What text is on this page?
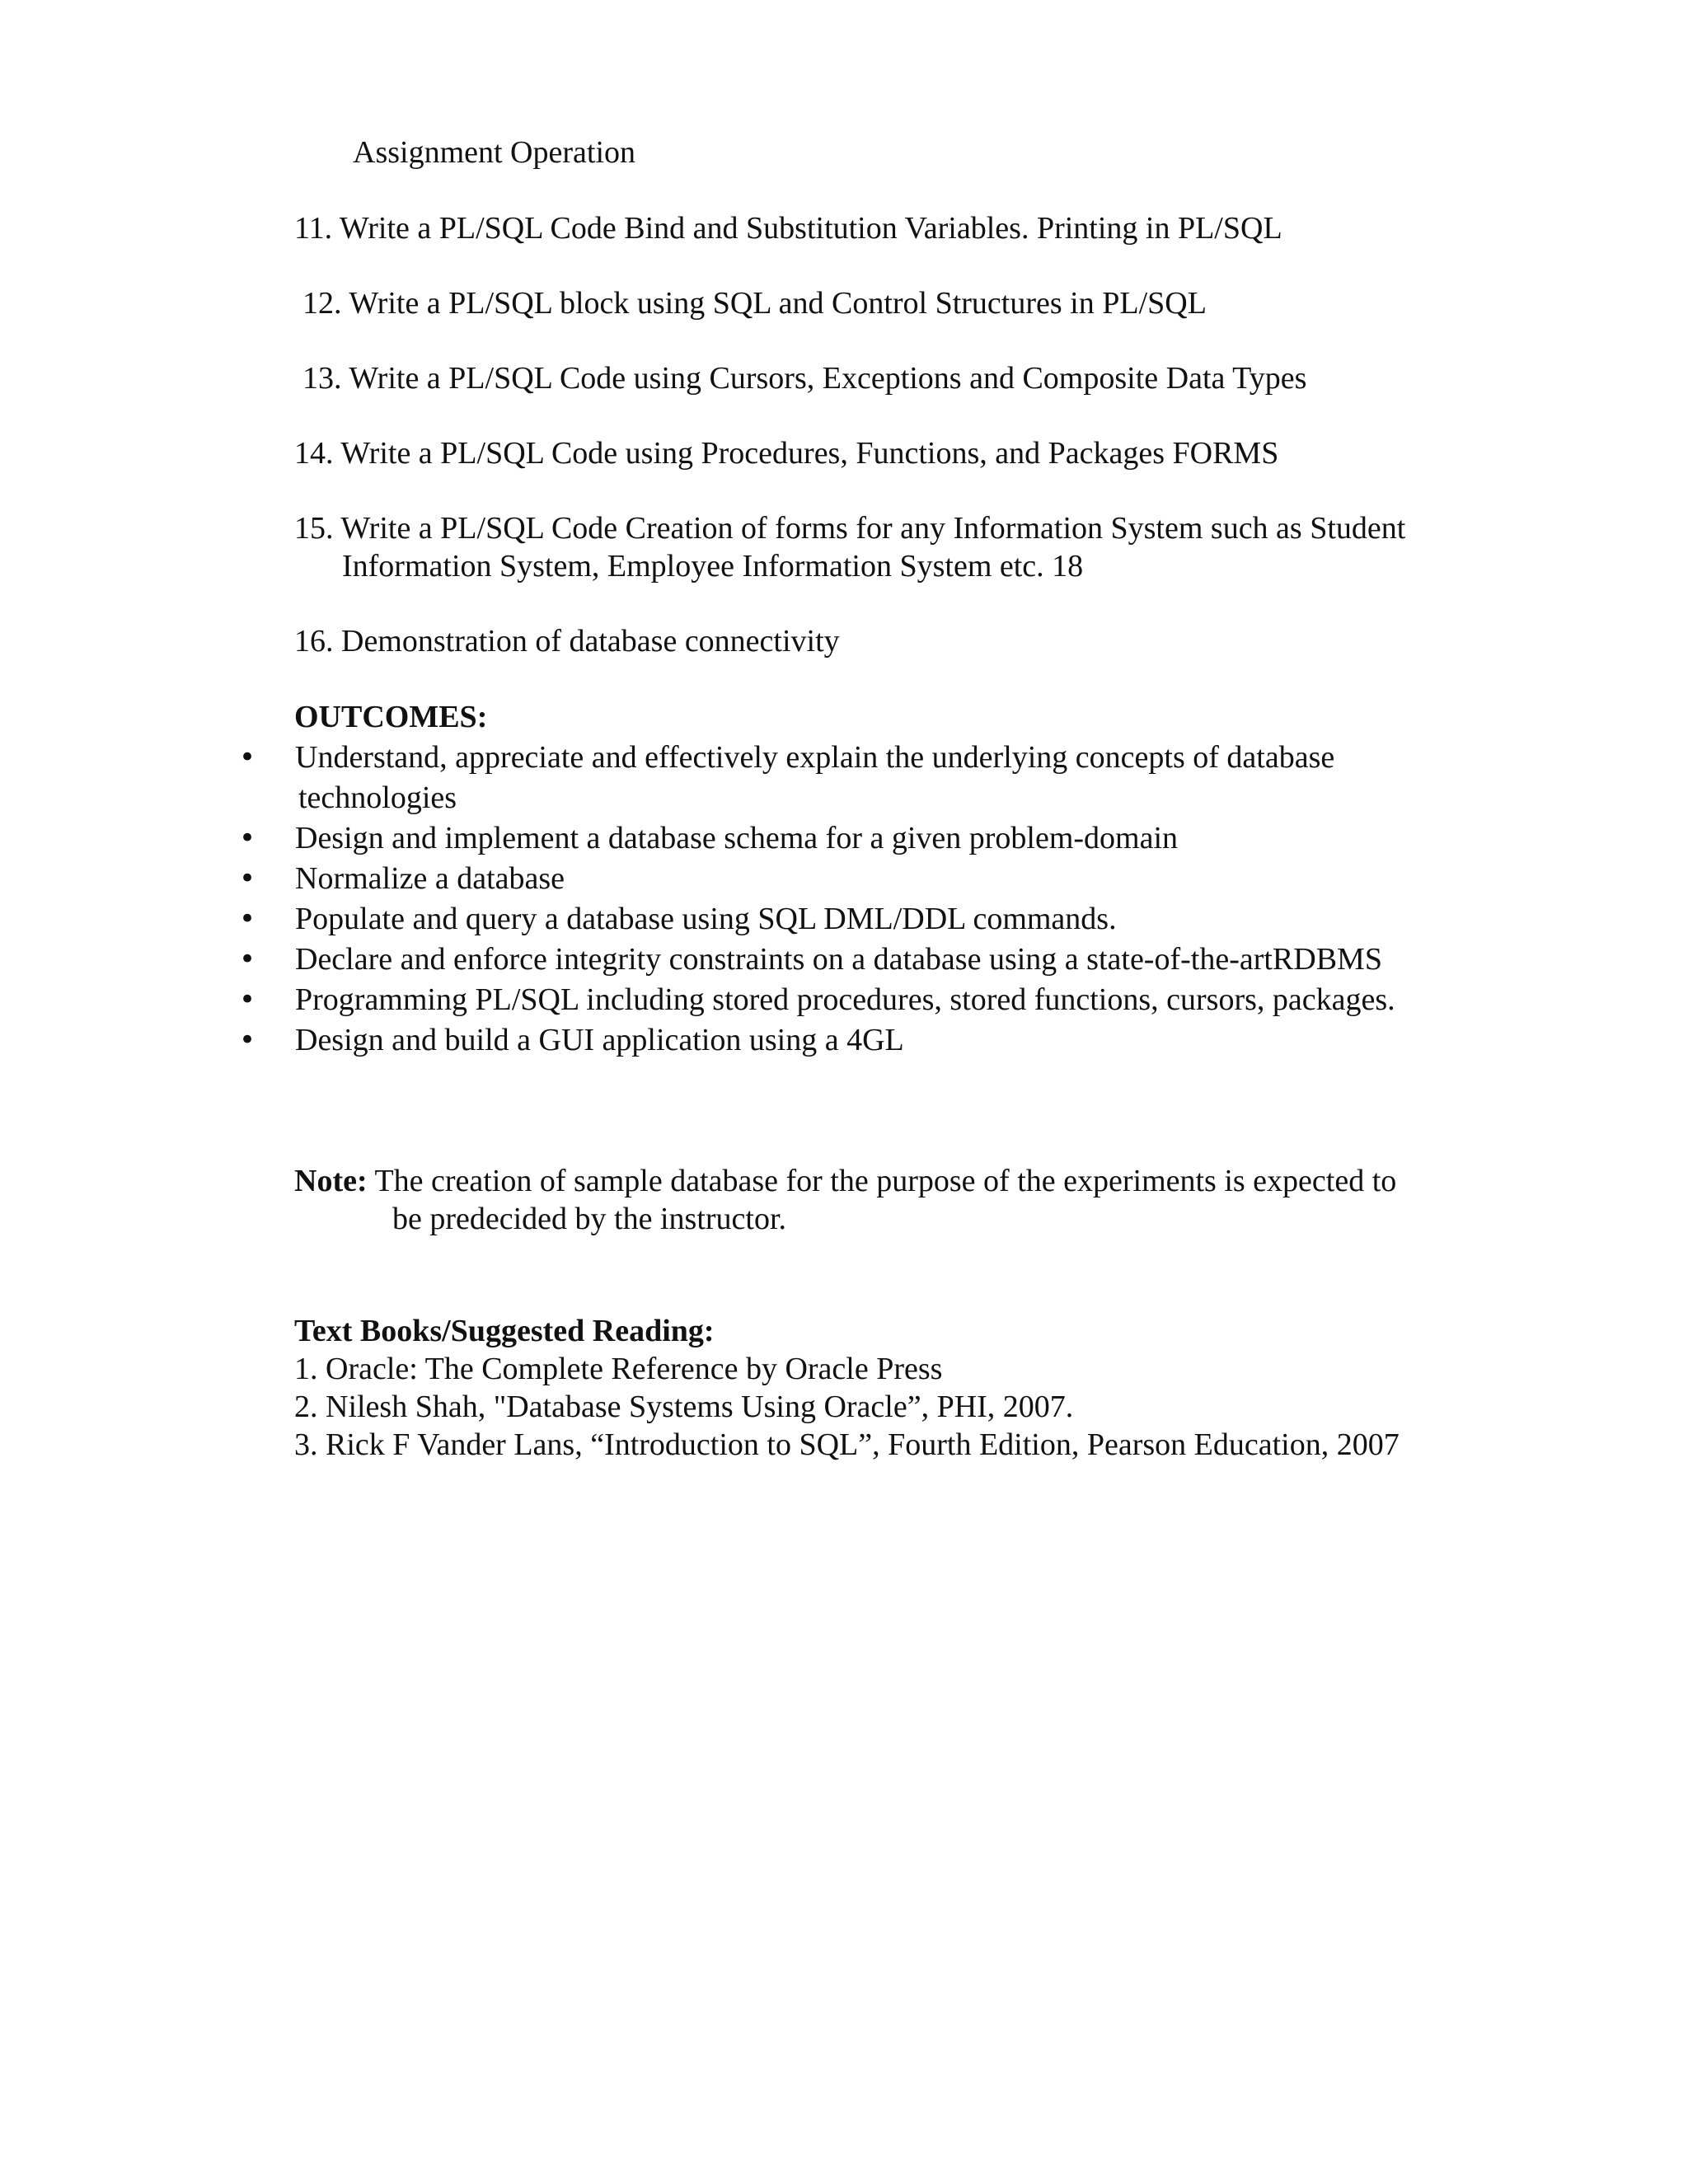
Assignment Operation
11. Write a PL/SQL Code Bind and Substitution Variables. Printing in PL/SQL
12. Write a PL/SQL block using SQL and Control Structures in PL/SQL
13. Write a PL/SQL Code using Cursors, Exceptions and Composite Data Types
14. Write a PL/SQL Code using Procedures, Functions, and Packages FORMS
15. Write a PL/SQL Code Creation of forms for any Information System such as Student
Information System, Employee Information System etc. 18
16. Demonstration of database connectivity
OUTCOMES:
• Understand, appreciate and effectively explain the underlying concepts of database
technologies
• Design and implement a database schema for a given problem-domain
• Normalize a database
• Populate and query a database using SQL DML/DDL commands.
• Declare and enforce integrity constraints on a database using a state-of-the-artRDBMS
• Programming PL/SQL including stored procedures, stored functions, cursors, packages.
• Design and build a GUI application using a 4GL
Note: The creation of sample database for the purpose of the experiments is expected to
be predecided by the instructor.
Text Books/Suggested Reading:
1. Oracle: The Complete Reference by Oracle Press
2. Nilesh Shah, "Database Systems Using Oracle”, PHI, 2007.
3. Rick F Vander Lans, “Introduction to SQL”, Fourth Edition, Pearson Education, 2007
